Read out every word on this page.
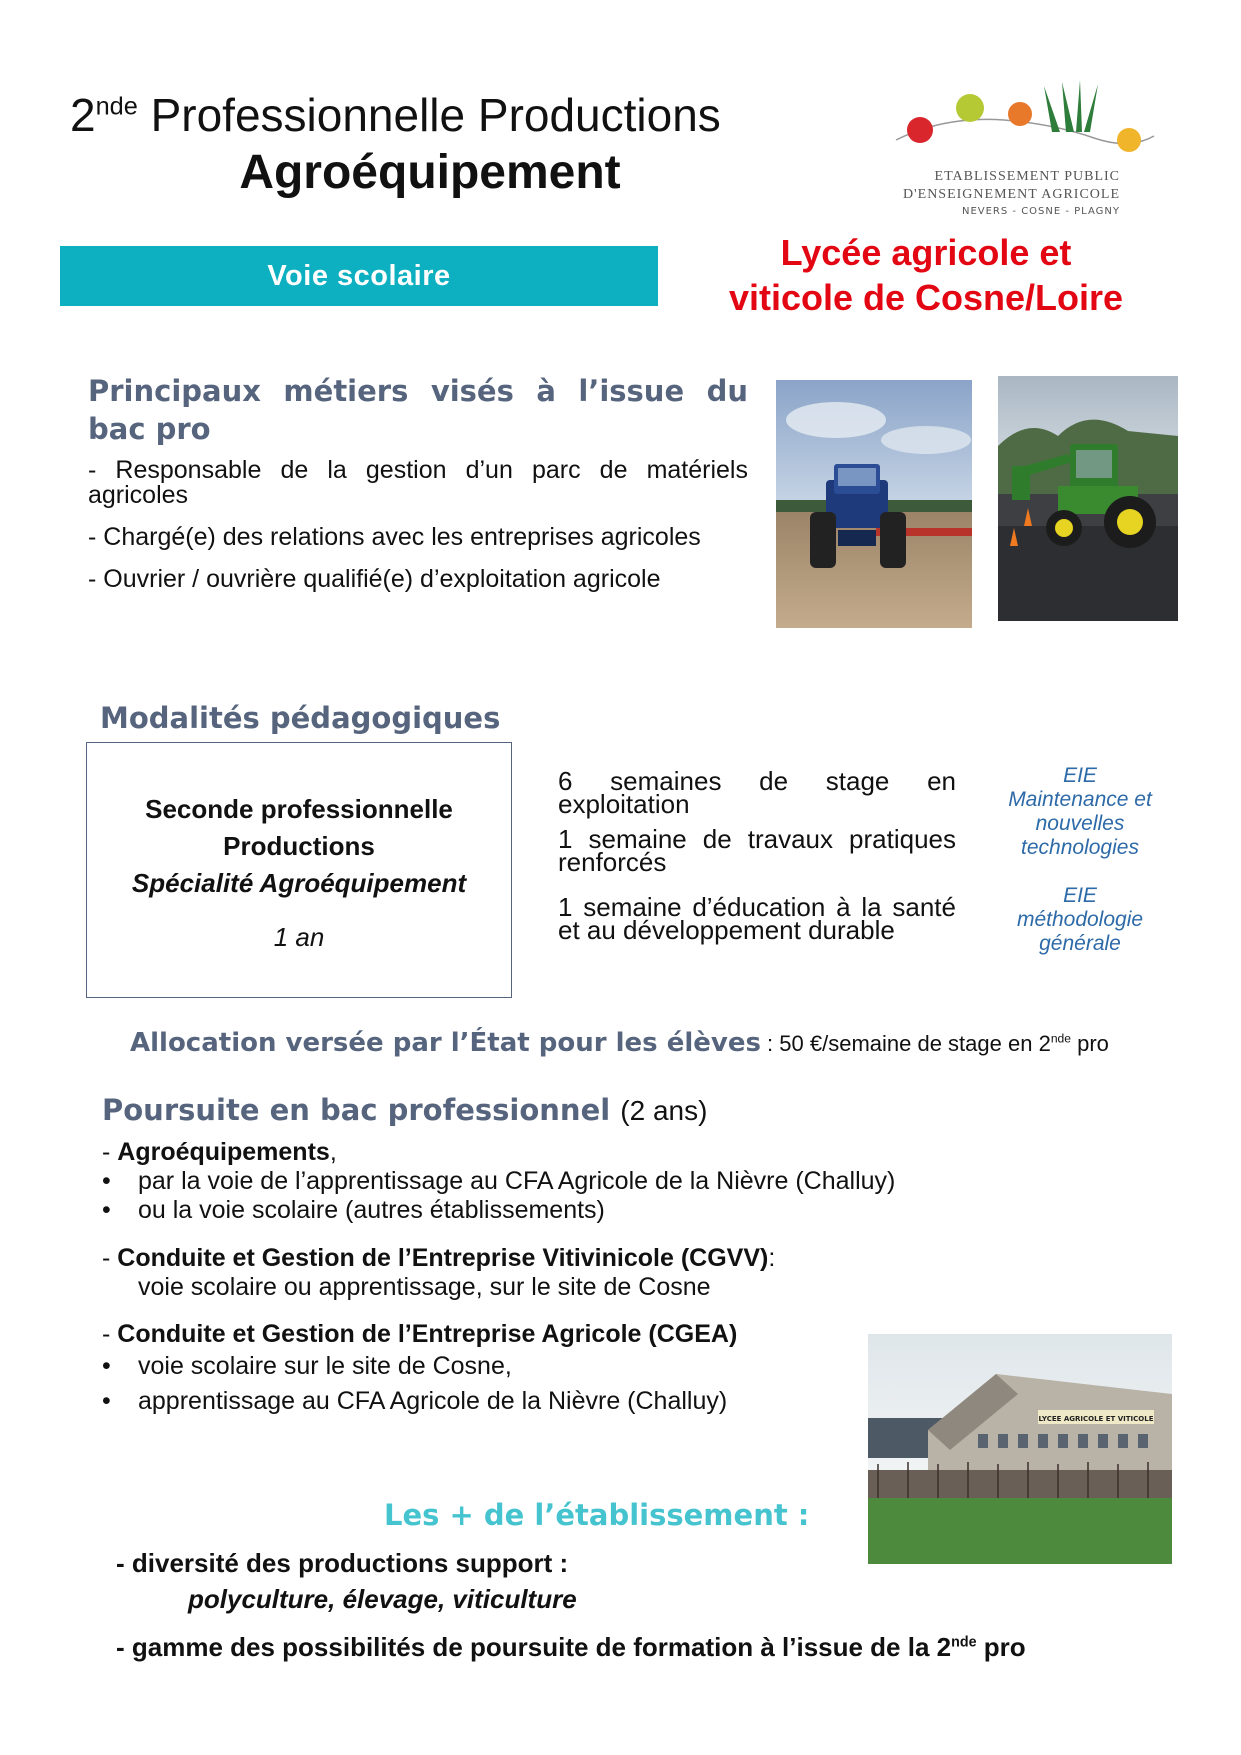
2nde Professionnelle Productions
Agroéquipement	ETABLISSEMENT PUBLIC
D'ENSEIGNEMENT AGRICOLE
NEVERS - COSNE - PLAGNY
Voie scolaire
Lycée agricole et
viticole de Cosne/Loire
Principaux métiers visés à l’issue du bac pro
- Responsable de la gestion d’un parc de matériels agricoles
- Chargé(e) des relations avec les entreprises agricoles
- Ouvrier / ouvrière qualifié(e) d’exploitation agricole
Modalités pédagogiques
Seconde professionnelle Productions
Spécialité Agroéquipement
1 an
6 semaines de stage en exploitation
1 semaine de travaux pratiques renforcés
1 semaine d’éducation à la santé et au développement durable
EIE
Maintenance et nouvelles technologies
EIE
méthodologie générale
Allocation versée par l’État pour les élèves : 50 €/semaine de stage en 2nde pro
Poursuite en bac professionnel (2 ans)
- Agroéquipements,
• par la voie de l’apprentissage au CFA Agricole de la Nièvre (Challuy)
• ou la voie scolaire (autres établissements)
- Conduite et Gestion de l’Entreprise Vitivinicole (CGVV):
voie scolaire ou apprentissage, sur le site de Cosne
- Conduite et Gestion de l’Entreprise Agricole (CGEA)
• voie scolaire sur le site de Cosne,
• apprentissage au CFA Agricole de la Nièvre (Challuy)
LYCEE AGRICOLE ET VITICOLE
Les + de l’établissement :
- diversité des productions support :
polyculture, élevage, viticulture
- gamme des possibilités de poursuite de formation à l’issue de la 2nde pro
